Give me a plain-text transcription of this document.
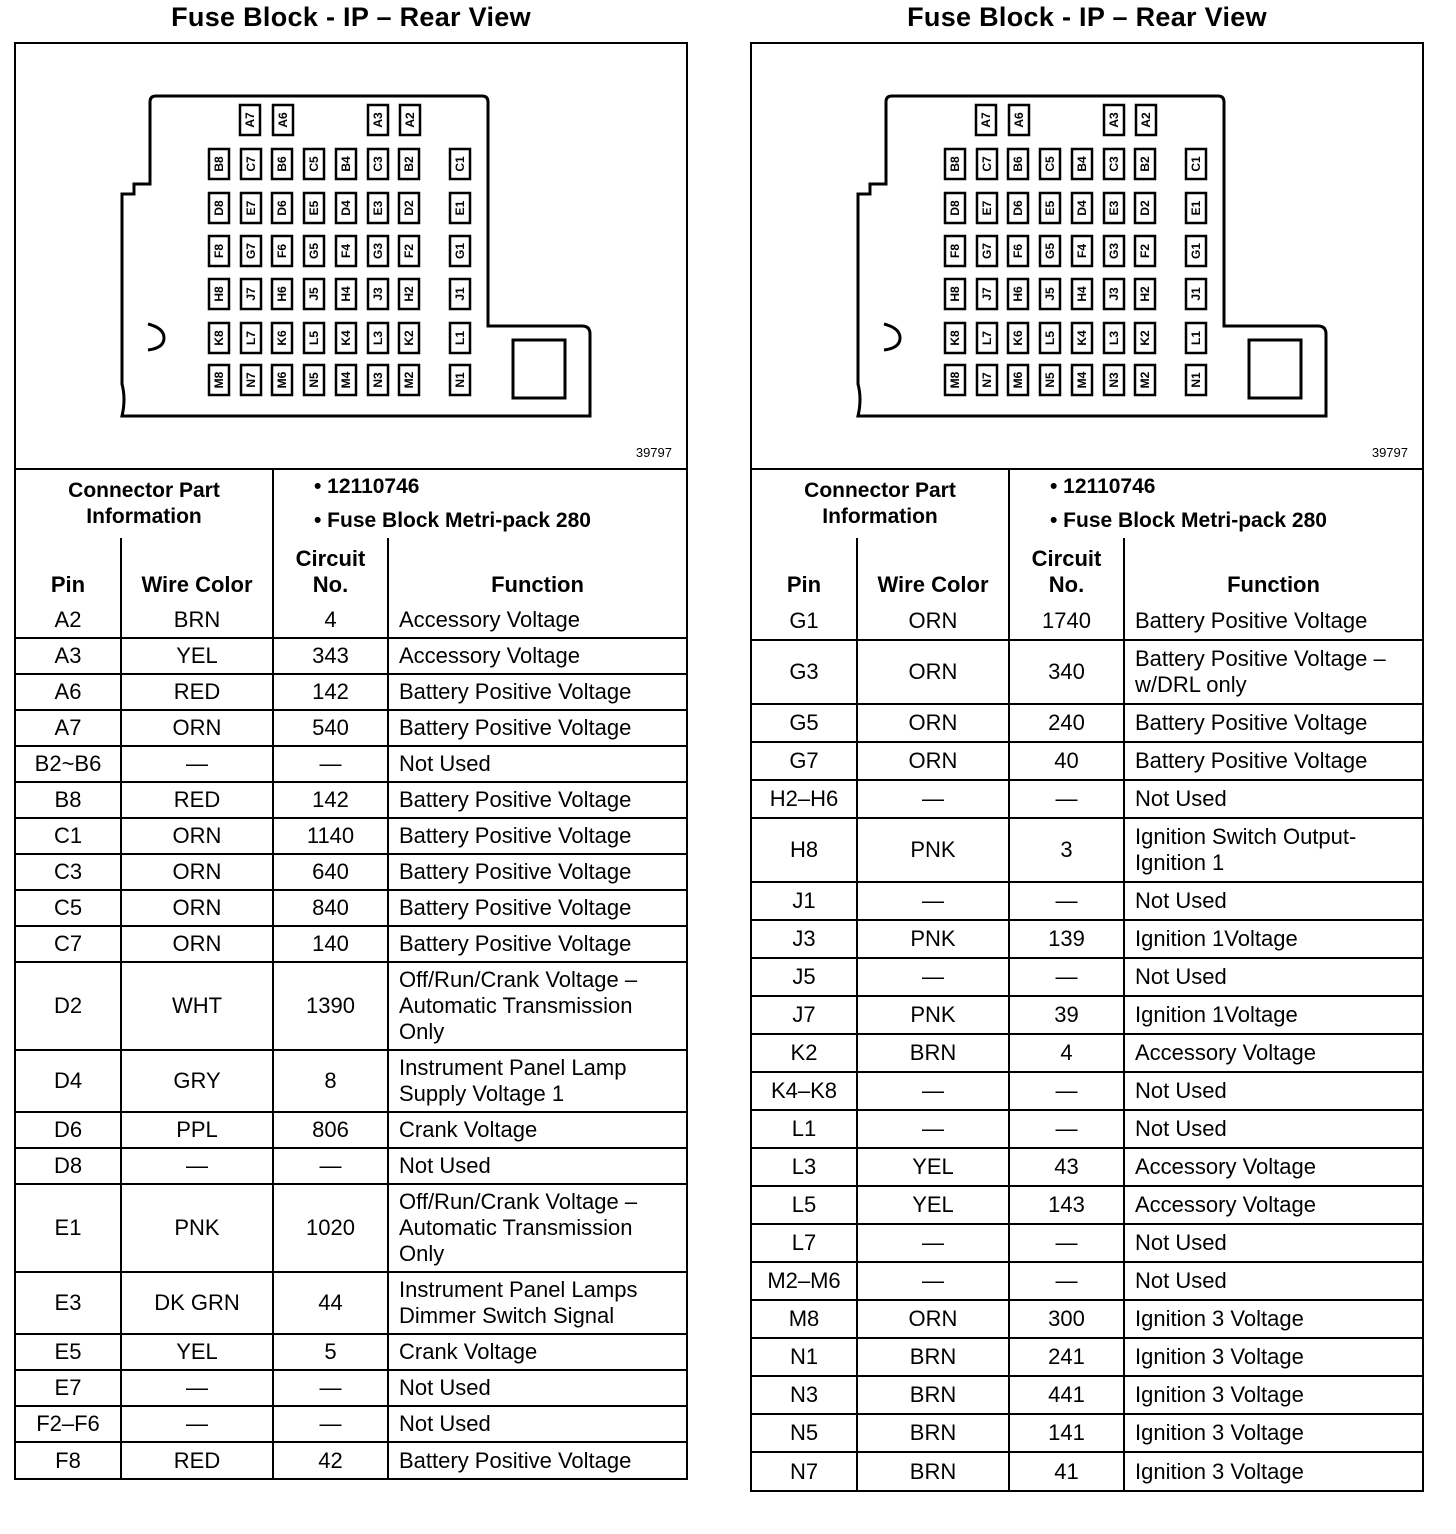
Fuse Block - IP – Rear View
A7 A6	A3 A2
B8 C7 B6 C5 B4 C3 B2	C1
D8 E7 D6 E5 D4 E3 D2	E1
F8 G7 F6 G5 F4 G3 F2	G1
H8 J7 H6 J5 H4 J3 H2	J1
K8 L7 K6 L5 K4 L3 K2	L1
M8 N7 M6 N5 M4 N3 M2	N1
39797
Connector Part Information	
• 12110746
• Fuse Block Metri-pack 280
Pin	Wire Color	Circuit No.	Function
A2	BRN	4	Accessory Voltage
A3	YEL	343	Accessory Voltage
A6	RED	142	Battery Positive Voltage
A7	ORN	540	Battery Positive Voltage
B2~B6	—	—	Not Used
B8	RED	142	Battery Positive Voltage
C1	ORN	1140	Battery Positive Voltage
C3	ORN	640	Battery Positive Voltage
C5	ORN	840	Battery Positive Voltage
C7	ORN	140	Battery Positive Voltage
D2	WHT	1390	Off/Run/Crank Voltage – Automatic Transmission Only
D4	GRY	8	Instrument Panel Lamp Supply Voltage 1
D6	PPL	806	Crank Voltage
D8	—	—	Not Used
E1	PNK	1020	Off/Run/Crank Voltage – Automatic Transmission Only
E3	DK GRN	44	Instrument Panel Lamps Dimmer Switch Signal
E5	YEL	5	Crank Voltage
E7	—	—	Not Used
F2–F6	—	—	Not Used
F8	RED	42	Battery Positive Voltage
Fuse Block - IP – Rear View
A7 A6	A3 A2
B8 C7 B6 C5 B4 C3 B2	C1
D8 E7 D6 E5 D4 E3 D2	E1
F8 G7 F6 G5 F4 G3 F2	G1
H8 J7 H6 J5 H4 J3 H2	J1
K8 L7 K6 L5 K4 L3 K2	L1
M8 N7 M6 N5 M4 N3 M2	N1
39797
Connector Part Information	
• 12110746
• Fuse Block Metri-pack 280
Pin	Wire Color	Circuit No.	Function
G1	ORN	1740	Battery Positive Voltage
G3	ORN	340	Battery Positive Voltage – w/DRL only
G5	ORN	240	Battery Positive Voltage
G7	ORN	40	Battery Positive Voltage
H2–H6	—	—	Not Used
H8	PNK	3	Ignition Switch Output-Ignition 1
J1	—	—	Not Used
J3	PNK	139	Ignition 1Voltage
J5	—	—	Not Used
J7	PNK	39	Ignition 1Voltage
K2	BRN	4	Accessory Voltage
K4–K8	—	—	Not Used
L1	—	—	Not Used
L3	YEL	43	Accessory Voltage
L5	YEL	143	Accessory Voltage
L7	—	—	Not Used
M2–M6	—	—	Not Used
M8	ORN	300	Ignition 3 Voltage
N1	BRN	241	Ignition 3 Voltage
N3	BRN	441	Ignition 3 Voltage
N5	BRN	141	Ignition 3 Voltage
N7	BRN	41	Ignition 3 Voltage
